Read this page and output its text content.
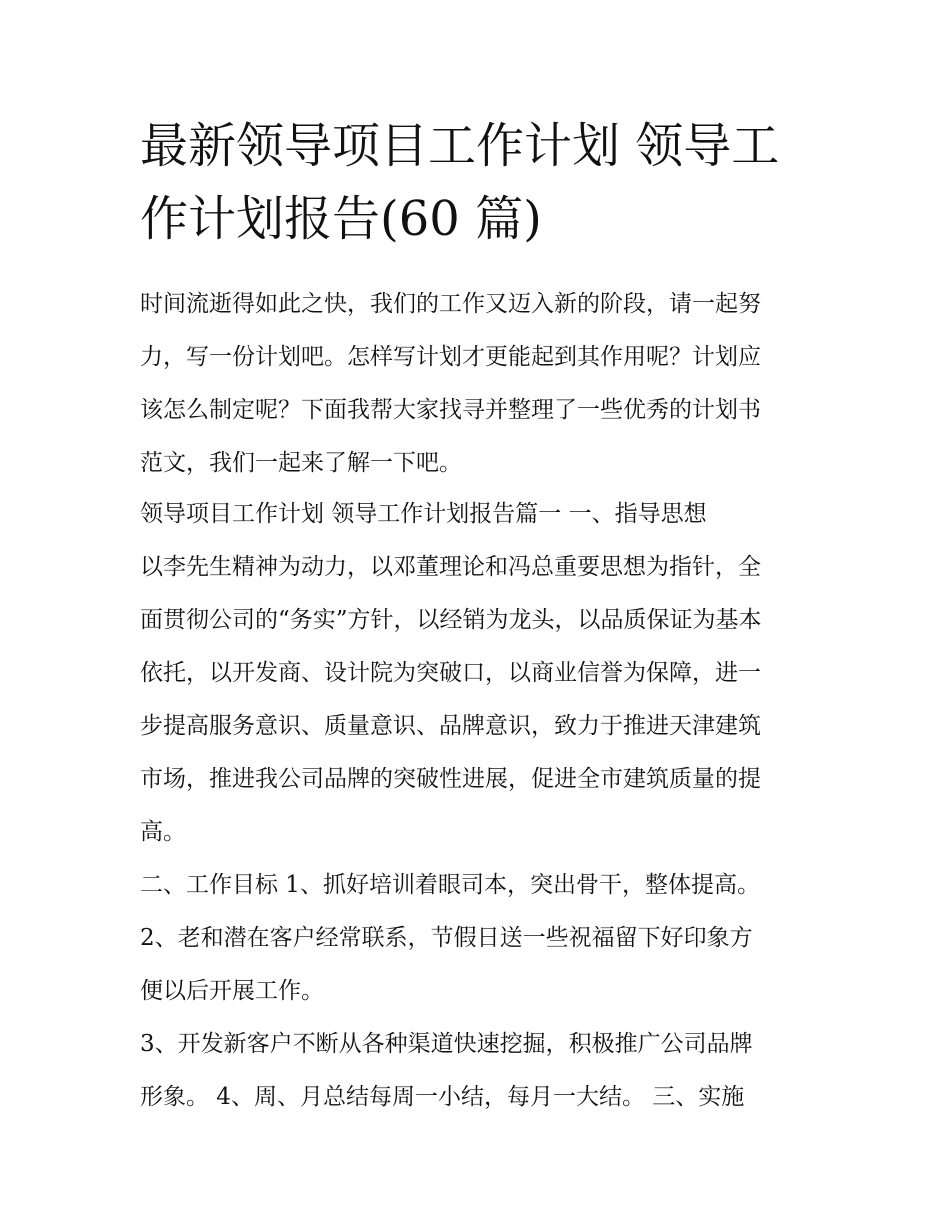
最新领导项目工作计划 领导工
作计划报告(60 篇)
时间流逝得如此之快，我们的工作又迈入新的阶段，请一起努
力，写一份计划吧。怎样写计划才更能起到其作用呢？计划应
该怎么制定呢？下面我帮大家找寻并整理了一些优秀的计划书
范文，我们一起来了解一下吧。
领导项目工作计划 领导工作计划报告篇一 一、指导思想
以李先生精神为动力，以邓董理论和冯总重要思想为指针，全
面贯彻公司的“务实”方针，以经销为龙头，以品质保证为基本
依托，以开发商、设计院为突破口，以商业信誉为保障，进一
步提高服务意识、质量意识、品牌意识，致力于推进天津建筑
市场，推进我公司品牌的突破性进展，促进全市建筑质量的提
高。
二、工作目标 1、抓好培训着眼司本，突出骨干，整体提高。
2、老和潜在客户经常联系，节假日送一些祝福留下好印象方
便以后开展工作。
3、开发新客户不断从各种渠道快速挖掘，积极推广公司品牌
形象。 4、周、月总结每周一小结，每月一大结。 三、实施
